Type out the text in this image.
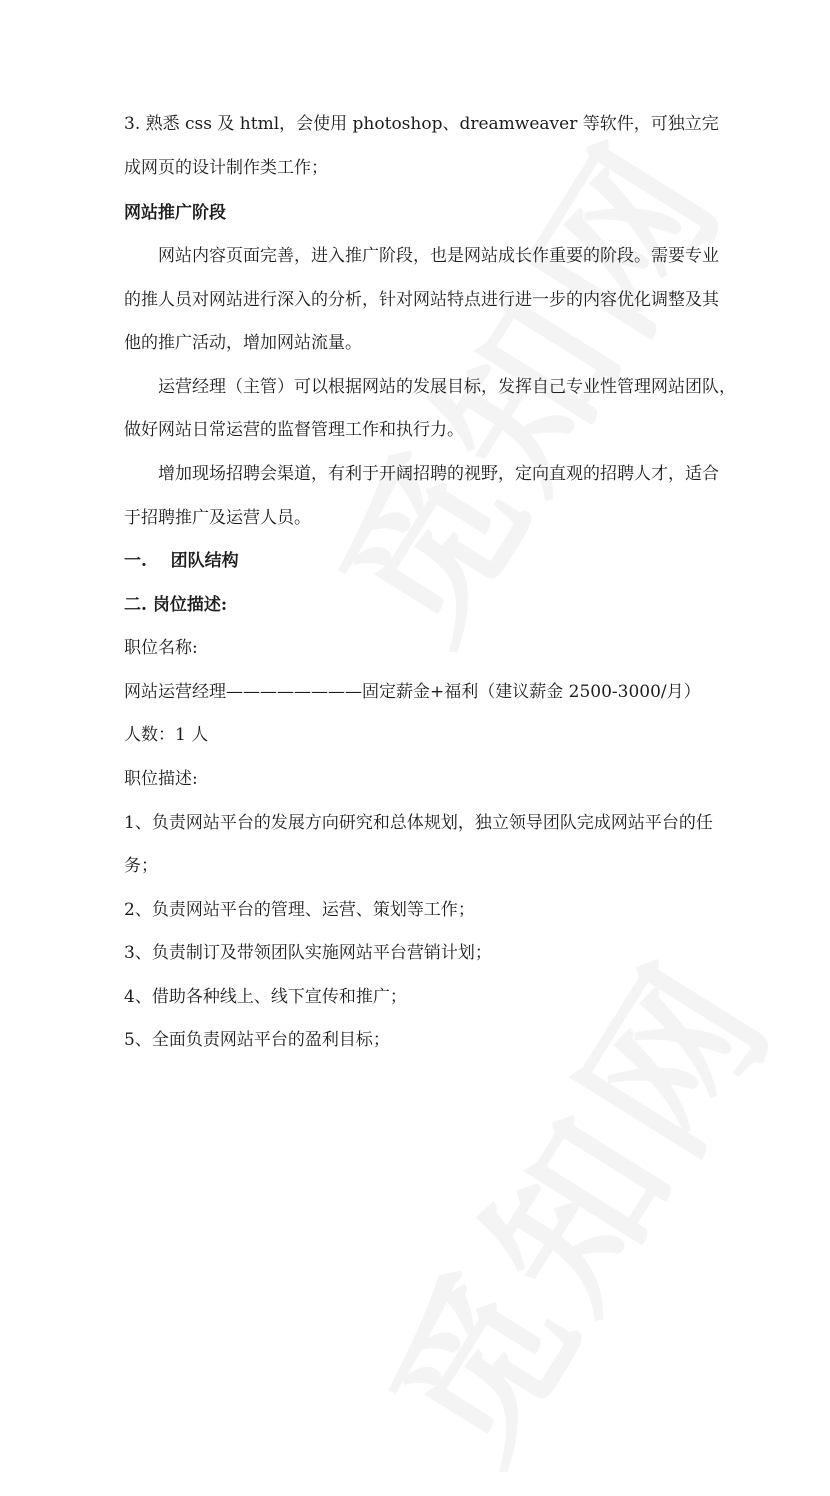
3. 熟悉 css 及 html，会使用 photoshop、dreamweaver 等软件，可独立完
成网页的设计制作类工作；
网站推广阶段
网站内容页面完善，进入推广阶段，也是网站成长作重要的阶段。需要专业
的推人员对网站进行深入的分析，针对网站特点进行进一步的内容优化调整及其
他的推广活动，增加网站流量。
运营经理（主管）可以根据网站的发展目标，发挥自己专业性管理网站团队，
做好网站日常运营的监督管理工作和执行力。
增加现场招聘会渠道，有利于开阔招聘的视野，定向直观的招聘人才，适合
于招聘推广及运营人员。
一.    团队结构
二. 岗位描述:
职位名称:
网站运营经理————————固定薪金+福利（建议薪金 2500-3000/月）
人数：1 人
职位描述:
1、负责网站平台的发展方向研究和总体规划，独立领导团队完成网站平台的任
务；
2、负责网站平台的管理、运营、策划等工作；
3、负责制订及带领团队实施网站平台营销计划；
4、借助各种线上、线下宣传和推广；
5、全面负责网站平台的盈利目标；
